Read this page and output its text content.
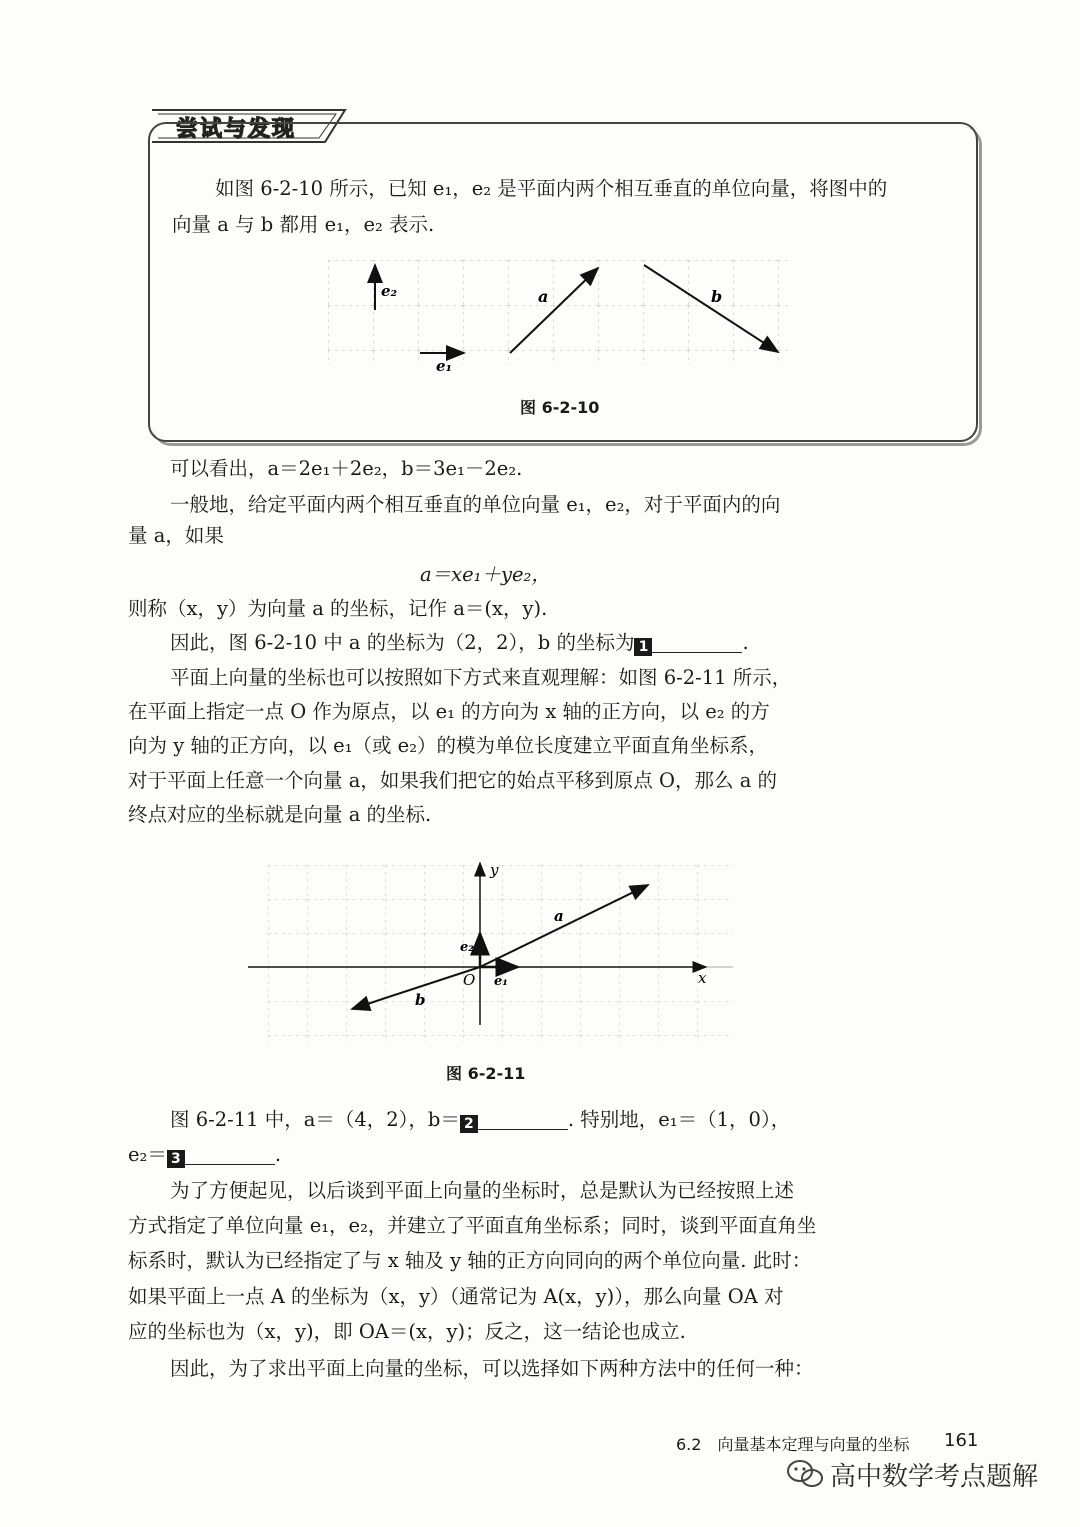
尝试与发现

如图 6-2-10 所示，已知 e₁，e₂ 是平面内两个相互垂直的单位向量，将图中的

向量 a 与 b 都用 e₁，e₂ 表示.

e₂
e₁
a	b
图 6-2-10

可以看出，a＝2e₁＋2e₂，b＝3e₁－2e₂.

一般地，给定平面内两个相互垂直的单位向量 e₁，e₂，对于平面内的向

量 a，如果

a＝xe₁＋ye₂，

则称（x，y）为向量 a 的坐标，记作 a＝(x，y).

因此，图 6-2-10 中 a 的坐标为（2，2），b 的坐标为 1	.

平面上向量的坐标也可以按照如下方式来直观理解：如图 6-2-11 所示，

在平面上指定一点 O 作为原点，以 e₁ 的方向为 x 轴的正方向，以 e₂ 的方

向为 y 轴的正方向，以 e₁（或 e₂）的模为单位长度建立平面直角坐标系，

对于平面上任意一个向量 a，如果我们把它的始点平移到原点 O，那么 a 的

终点对应的坐标就是向量 a 的坐标.

y
x
O e₁
e₂
a
b
图 6-2-11

图 6-2-11 中，a＝（4，2），b＝ 2	. 特别地，e₁＝（1，0），

e₂＝ 3	.

为了方便起见，以后谈到平面上向量的坐标时，总是默认为已经按照上述

方式指定了单位向量 e₁，e₂，并建立了平面直角坐标系；同时，谈到平面直角坐

标系时，默认为已经指定了与 x 轴及 y 轴的正方向同向的两个单位向量. 此时：

如果平面上一点 A 的坐标为（x，y）（通常记为 A(x，y)），那么向量 OA 对

应的坐标也为（x，y)，即 OA＝(x，y)；反之，这一结论也成立.

因此，为了求出平面上向量的坐标，可以选择如下两种方法中的任何一种：

6.2　向量基本定理与向量的坐标 161
高中数学考点题解
